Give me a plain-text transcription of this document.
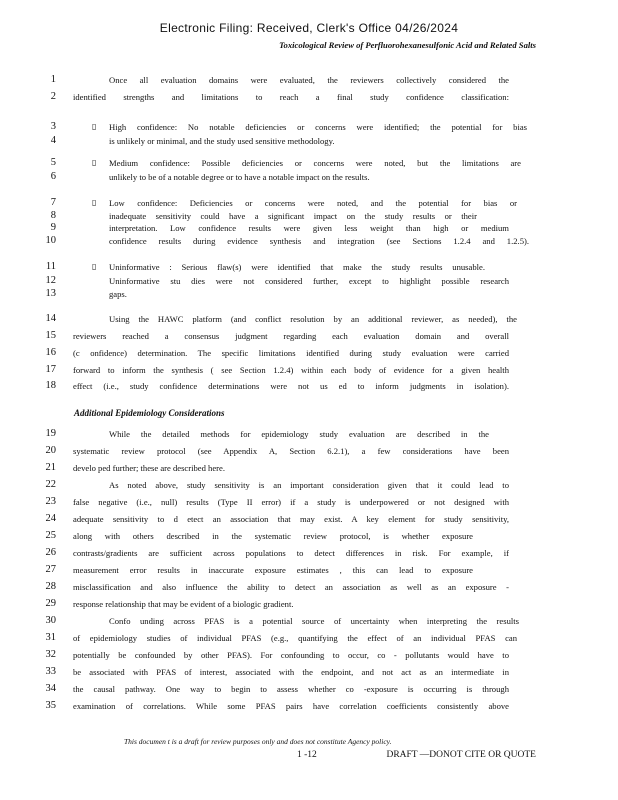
Electronic Filing: Received, Clerk's Office 04/26/2024
Toxicological Review of Perfluorohexanesulfonic Acid and Related Salts
1
2
3
4
5
6
7
8
9
10
11
12
13
14
15
16
17
18
19
20
21
22
23
24
25
26
27
28
29
30
31
32
33
34
35
▯
▯
▯
▯
Once all evaluation domains were evaluated, the reviewers collectively considered the
identified strengths and limitations to reach a final study confidence classification:
High confidence: No notable deficiencies or concerns were identified; the potential for bias
is unlikely or minimal, and the study used sensitive methodology.
Medium confidence: Possible deficiencies or concerns were noted, but the limitations are
unlikely to be of a notable degree or to have a notable impact on the results.
Low confidence: Deficiencies or concerns were noted, and the potential for bias or
inadequate sensitivity could have a significant impact on the study results or their
interpretation. Low confidence results were given less weight than high or medium
confidence results during evidence synthesis and integration (see Sections 1.2.4 and 1.2.5).
Uninformative : Serious flaw(s) were identified that make the study results unusable.
Uninformative stu dies were not considered further, except to highlight possible research
gaps.
Using the HAWC platform (and conflict resolution by an additional reviewer, as needed), the
reviewers reached a consensus judgment regarding each evaluation domain and overall
(c onfidence) determination. The specific limitations identified during study evaluation were carried
forward to inform the synthesis ( see Section 1.2.4) within each body of evidence for a given health
effect (i.e., study confidence determinations were not us ed to inform judgments in isolation).
Additional Epidemiology Considerations
While the detailed methods for epidemiology study evaluation are described in the
systematic review protocol (see Appendix A, Section 6.2.1), a few considerations have been
develo ped further; these are described here.
As noted above, study sensitivity is an important consideration given that it could lead to
false negative (i.e., null) results (Type II error) if a study is underpowered or not designed with
adequate sensitivity to d etect an association that may exist. A key element for study sensitivity,
along with others described in the systematic review protocol, is whether exposure
contrasts/gradients are sufficient across populations to detect differences in risk. For example, if
measurement error results in inaccurate exposure estimates , this can lead to exposure
misclassification and also influence the ability to detect an association as well as an exposure -
response relationship that may be evident of a biologic gradient.
Confo unding across PFAS is a potential source of uncertainty when interpreting the results
of epidemiology studies of individual PFAS (e.g., quantifying the effect of an individual PFAS can
potentially be confounded by other PFAS). For confounding to occur, co - pollutants would have to
be associated with PFAS of interest, associated with the endpoint, and not act as an intermediate in
the causal pathway. One way to begin to assess whether co -exposure is occurring is through
examination of correlations. While some PFAS pairs have correlation coefficients consistently above
This documen t is a draft for review purposes only and does not constitute Agency policy.
1 -12	DRAFT —DONOT CITE OR QUOTE
